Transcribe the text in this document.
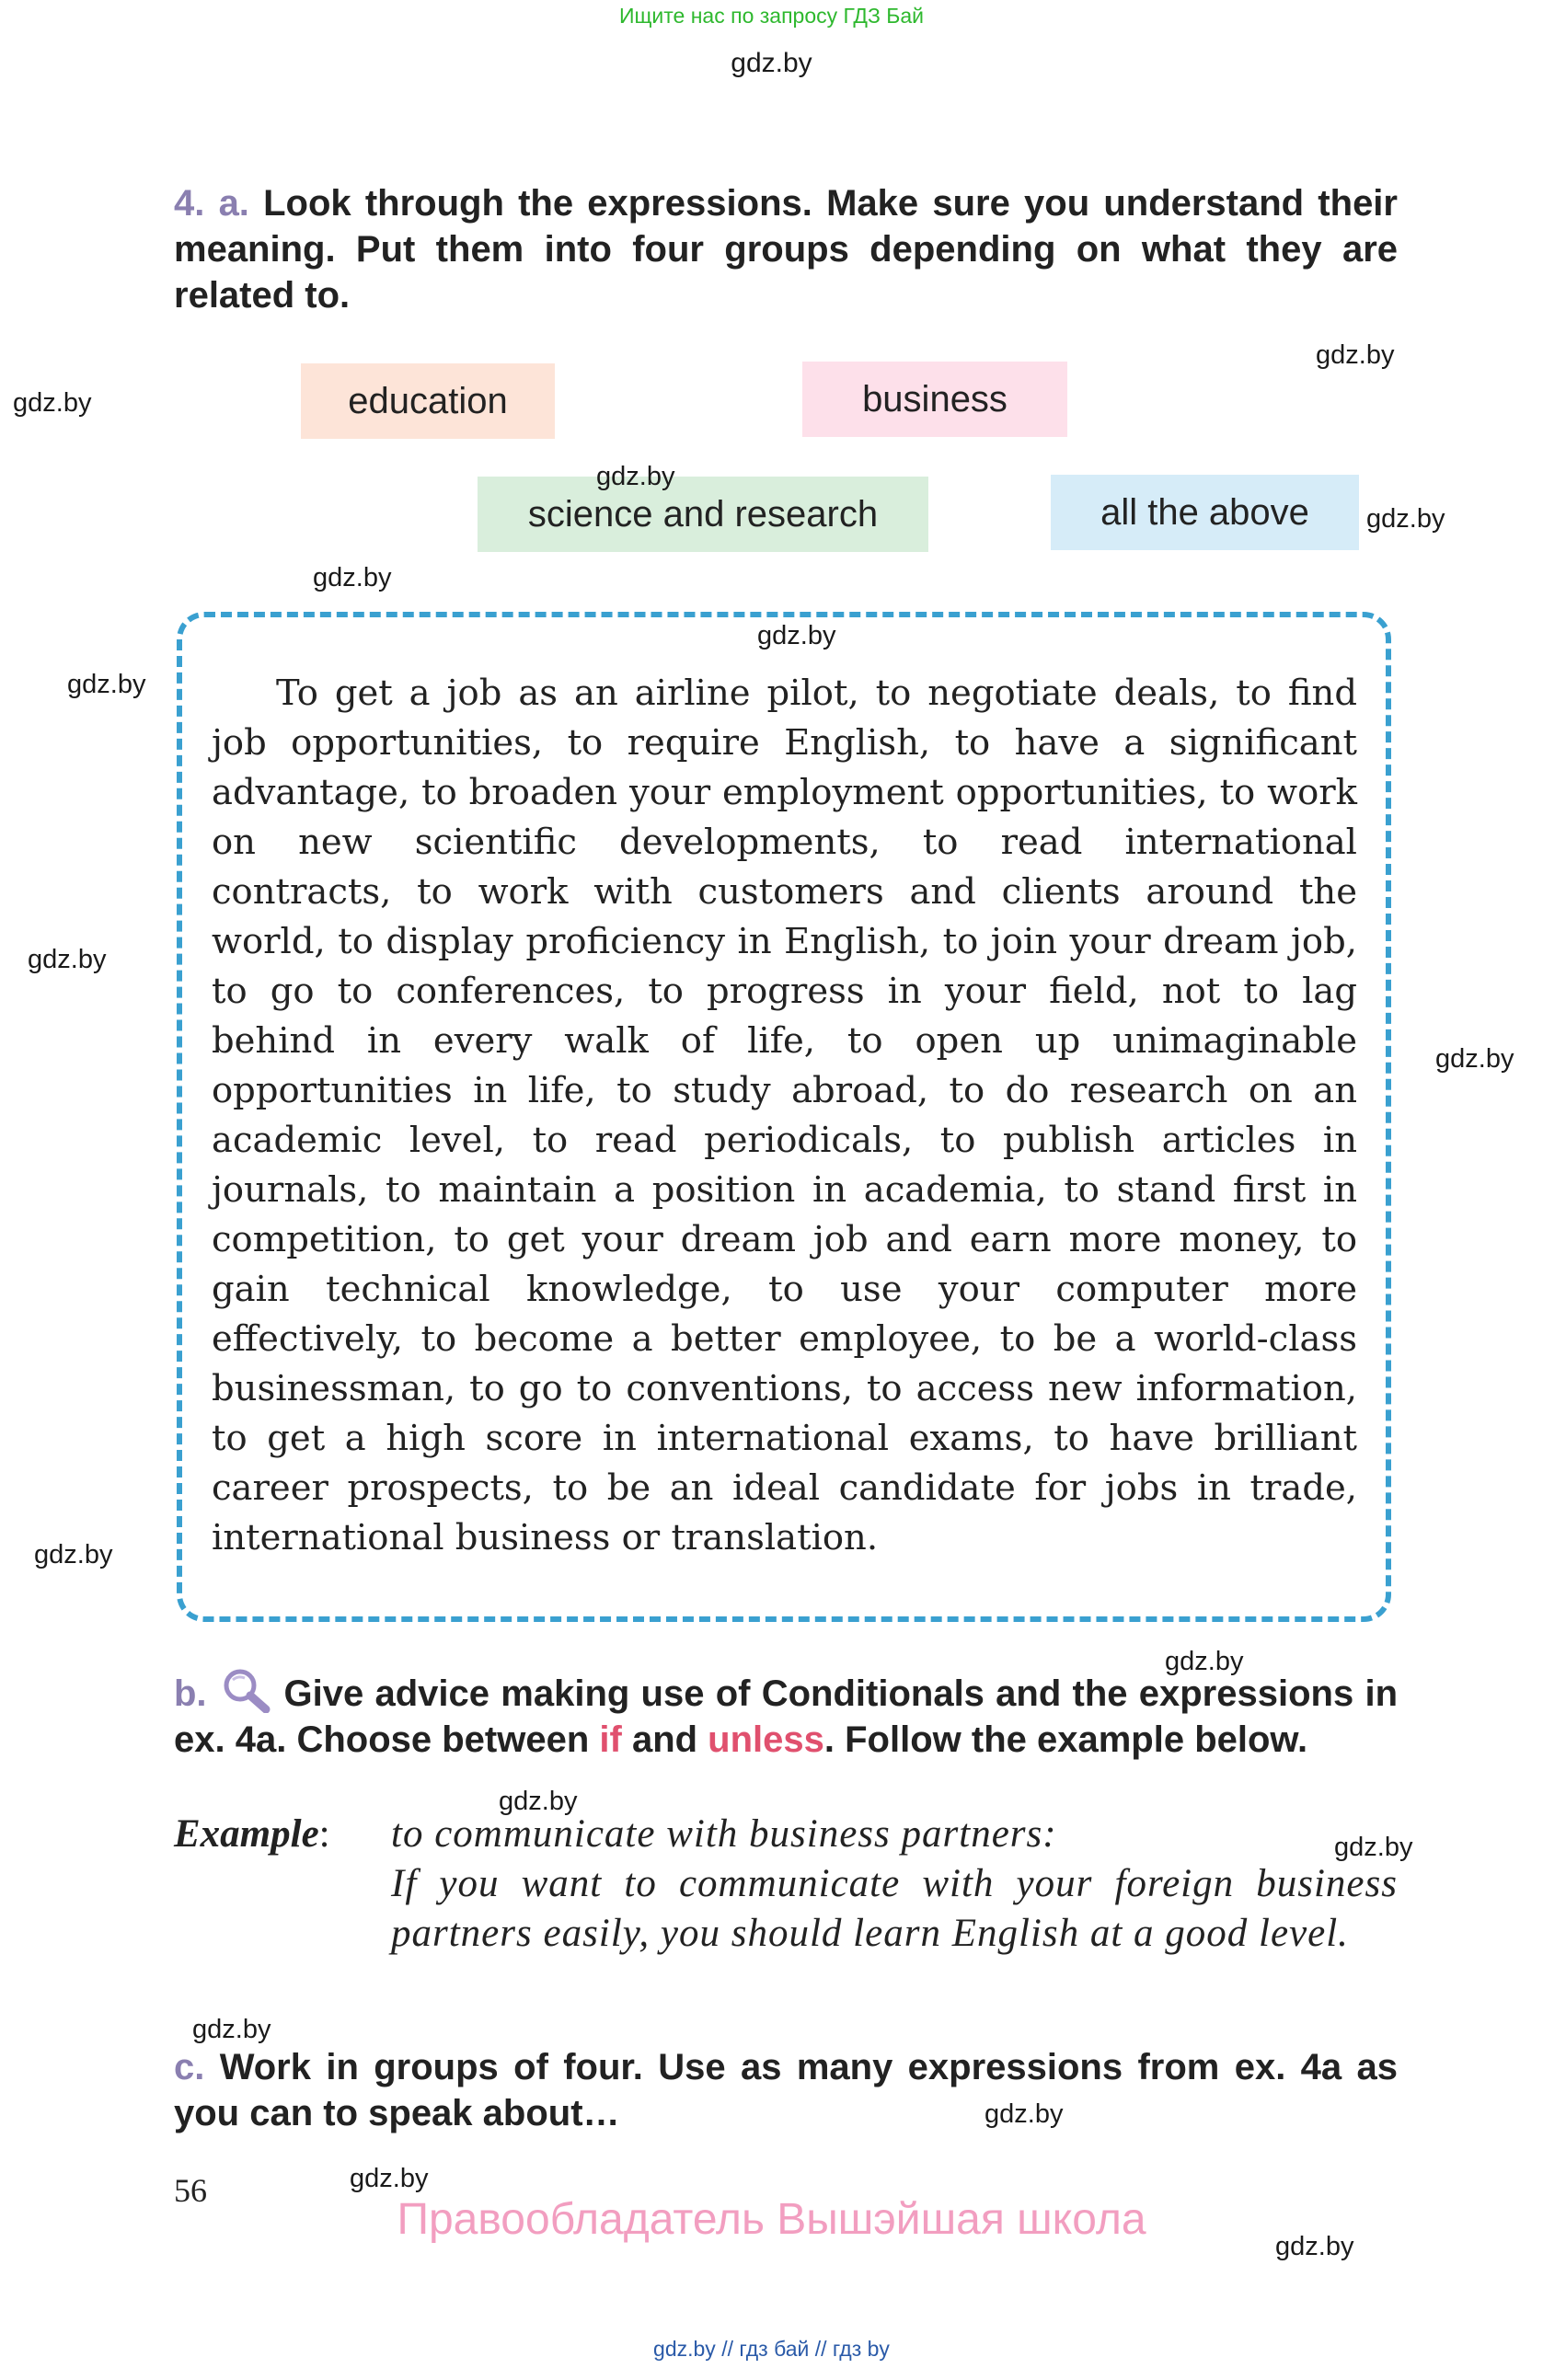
Ищите нас по запросу ГДЗ Бай
gdz.by
4. a. Look through the expressions. Make sure you understand their meaning. Put them into four groups depending on what they are related to.
education	business
science and research	all the above

To get a job as an airline pilot, to negotiate deals, to find job opportunities, to require English, to have a significant advantage, to broaden your employment opportunities, to work on new scientific developments, to read international contracts, to work with customers and clients around the world, to display proficiency in English, to join your dream job, to go to conferences, to progress in your field, not to lag behind in every walk of life, to open up unimaginable opportunities in life, to study abroad, to do research on an academic level, to read periodicals, to publish articles in journals, to maintain a position in academia, to stand first in competition, to get your dream job and earn more money, to gain technical knowledge, to use your computer more effectively, to become a better employee, to be a world-class businessman, to go to conventions, to access new information, to get a high score in international exams, to have brilliant career prospects, to be an ideal candidate for jobs in trade, international business or translation.

b. Give advice making use of Conditionals and the expressions in ex. 4a. Choose between if and unless. Follow the example below.
Example: to communicate with business partners:
If you want to communicate with your foreign business partners easily, you should learn English at a good level.
c. Work in groups of four. Use as many expressions from ex. 4a as you can to speak about…
56
Правообладатель Вышэйшая школа
gdz.by // гдз бай // гдз by
gdz.by
gdz.by
gdz.by
gdz.by
gdz.by
gdz.by
gdz.by
gdz.by
gdz.by
gdz.by
gdz.by
gdz.by
gdz.by
gdz.by
gdz.by
gdz.by
gdz.by
